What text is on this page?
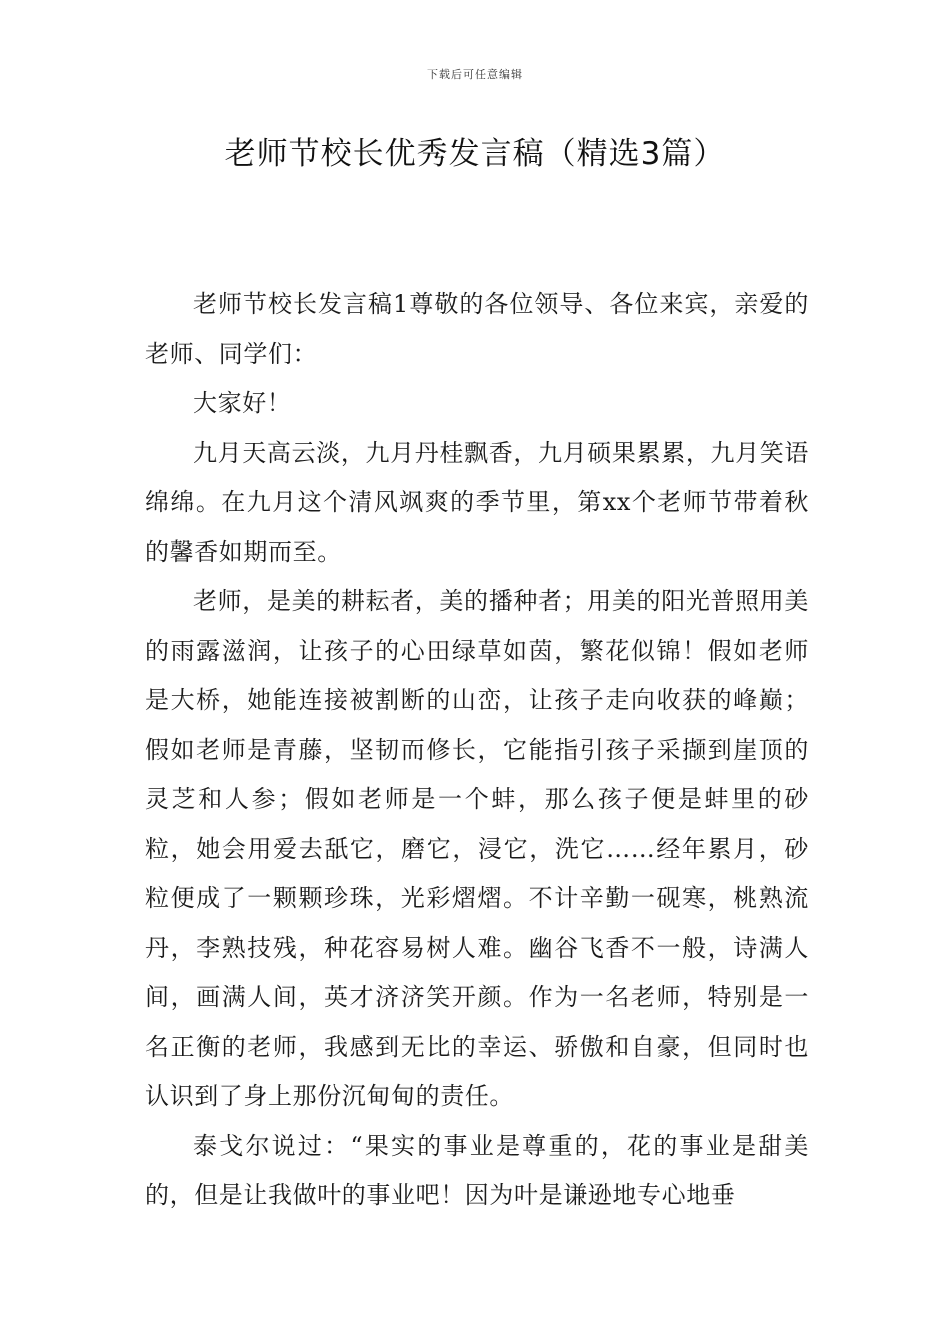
下载后可任意编辑
老师节校长优秀发言稿（精选3篇）

老师节校长发言稿1尊敬的各位领导、各位来宾，亲爱的老师、同学们：

大家好！

九月天高云淡，九月丹桂飘香，九月硕果累累，九月笑语绵绵。在九月这个清风飒爽的季节里，第xx个老师节带着秋的馨香如期而至。

老师，是美的耕耘者，美的播种者；用美的阳光普照用美的雨露滋润，让孩子的心田绿草如茵，繁花似锦！假如老师是大桥，她能连接被割断的山峦，让孩子走向收获的峰巅；假如老师是青藤，坚韧而修长，它能指引孩子采撷到崖顶的灵芝和人参；假如老师是一个蚌，那么孩子便是蚌里的砂粒，她会用爱去舐它，磨它，浸它，洗它……经年累月，砂粒便成了一颗颗珍珠，光彩熠熠。不计辛勤一砚寒，桃熟流丹，李熟技残，种花容易树人难。幽谷飞香不一般，诗满人间，画满人间，英才济济笑开颜。作为一名老师，特别是一名正衡的老师，我感到无比的幸运、骄傲和自豪，但同时也认识到了身上那份沉甸甸的责任。

泰戈尔说过：“果实的事业是尊重的，花的事业是甜美的，但是让我做叶的事业吧！因为叶是谦逊地专心地垂
